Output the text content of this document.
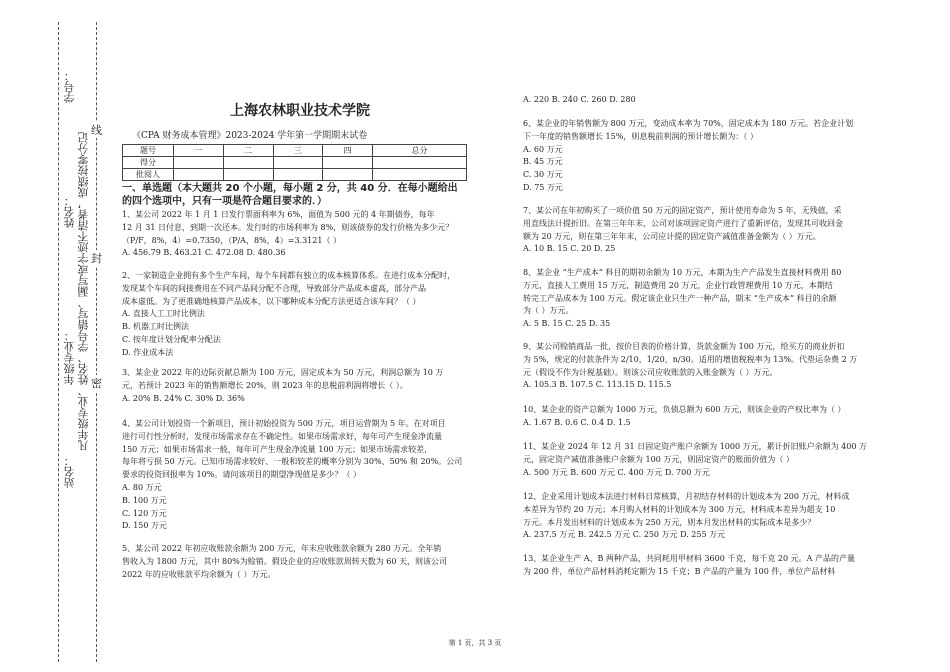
学号：
姓名：
年级专业：
站名：
凡年级专业、姓名、学号错写、漏写或字迹不清者，成绩按零分记 封
线
密
上海农林职业技术学院
《CPA 财务成本管理》2023-2024 学年第一学期期末试卷
题号	一	二	三	四	总分
得分					
批阅人					
一、单选题（本大题共 20 个小题，每小题 2 分，共 40 分．在每小题给出的四个选项中，只有一项是符合题目要求的．）

1、某公司 2022 年 1 月 1 日发行票面利率为 6%，面值为 500 元的 4 年期债券，每年

12 月 31 日付息，到期一次还本。发行时的市场利率为 8%，则该债券的发行价格为多少元？

（P/F，8%，4）=0.7350，（P/A，8%，4）=3.3121（ ）

A. 456.79 B. 463.21 C. 472.08 D. 480.36

2、一家制造企业拥有多个生产车间，每个车间都有独立的成本核算体系。在进行成本分配时，

发现某个车间的间接费用在不同产品间分配不合理，导致部分产品成本虚高，部分产品

成本虚低。为了更准确地核算产品成本，以下哪种成本分配方法更适合该车间？（ ）

A. 直接人工工时比例法

B. 机器工时比例法

C. 按年度计划分配率分配法

D. 作业成本法

3、某企业 2022 年的边际贡献总额为 100 万元，固定成本为 50 万元，利润总额为 10 万

元，若预计 2023 年的销售额增长 20%，则 2023 年的息税前利润将增长（ ）。

A. 20% B. 24% C. 30% D. 36%

4、某公司计划投资一个新项目，预计初始投资为 500 万元，项目运营期为 5 年。在对项目

进行可行性分析时，发现市场需求存在不确定性。如果市场需求好，每年可产生现金净流量

150 万元；如果市场需求一般，每年可产生现金净流量 100 万元；如果市场需求较差，

每年将亏损 50 万元。已知市场需求较好、一般和较差的概率分别为 30%、50% 和 20%。公司

要求的投资回报率为 10%。请问该项目的期望净现值是多少？（ ）

A. 80 万元

B. 100 万元

C. 120 万元

D. 150 万元

5、某公司 2022 年初应收账款余额为 200 万元，年末应收账款余额为 280 万元。全年销

售收入为 1800 万元，其中 80%为赊销。假设企业的应收账款周转天数为 60 天，则该公司

2022 年的应收账款平均余额为（ ）万元。

A. 220 B. 240 C. 260 D. 280

6、某企业的年销售额为 800 万元，变动成本率为 70%，固定成本为 180 万元。若企业计划

下一年度的销售额增长 15%，则息税前利润的预计增长额为：（ ）

A. 60 万元

B. 45 万元

C. 30 万元

D. 75 万元

7、某公司在年初购买了一项价值 50 万元的固定资产，预计使用寿命为 5 年，无残值，采

用直线法计提折旧。在第三年年末，公司对该项固定资产进行了重新评估，发现其可收回金

额为 20 万元，则在第三年年末，公司应计提的固定资产减值准备金额为（ ）万元。

A. 10 B. 15 C. 20 D. 25

8、某企业 “生产成本” 科目的期初余额为 10 万元，本期为生产产品发生直接材料费用 80

万元，直接人工费用 15 万元，制造费用 20 万元，企业行政管理费用 10 万元，本期结

转完工产品成本为 100 万元。假定该企业只生产一种产品，期末 “生产成本” 科目的余额

为（ ）万元。

A. 5 B. 15 C. 25 D. 35

9、某公司赊销商品一批，按价目表的价格计算，货款金额为 100 万元，给买方的商业折扣

为 5%，规定的付款条件为 2/10，1/20，n/30。适用的增值税税率为 13%。代垫运杂费 2 万

元（假设不作为计税基础）。则该公司应收账款的入账金额为（ ）万元。

A. 105.3 B. 107.5 C. 113.15 D. 115.5

10、某企业的资产总额为 1000 万元，负债总额为 600 万元，则该企业的产权比率为（ ）

A. 1.67 B. 0.6 C. 0.4 D. 1.5

11、某企业 2024 年 12 月 31 日固定资产账户余额为 1000 万元，累计折旧账户余额为 400 万

元，固定资产减值准备账户余额为 100 万元，则固定资产的账面价值为（ ）

A. 500 万元 B. 600 万元 C. 400 万元 D. 700 万元

12、企业采用计划成本法进行材料日常核算，月初结存材料的计划成本为 200 万元，材料成

本差异为节约 20 万元；本月购入材料的计划成本为 300 万元，材料成本差异为超支 10

万元。本月发出材料的计划成本为 250 万元，则本月发出材料的实际成本是多少？

A. 237.5 万元 B. 242.5 万元 C. 250 万元 D. 255 万元

13、某企业生产 A、B 两种产品，共同耗用甲材料 3600 千克，每千克 20 元。A 产品的产量

为 200 件，单位产品材料消耗定额为 15 千克；B 产品的产量为 100 件，单位产品材料

第 1 页，共 3 页
